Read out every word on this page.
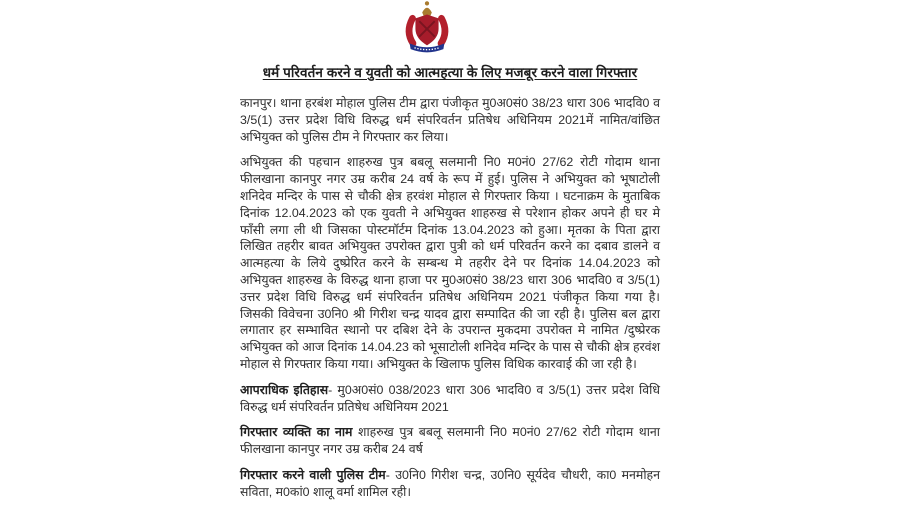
धर्म परिवर्तन करने व युवती को आत्महत्या के लिए मजबूर करने वाला गिरफ्तार

कानपुर। थाना हरबंश मोहाल पुलिस टीम द्वारा पंजीकृत मु0अ0सं0 38/23 धारा 306 भादवि0 व 3/5(1) उत्तर प्रदेश विधि विरुद्ध धर्म संपरिवर्तन प्रतिषेध अधिनियम 2021में नामित/वांछित अभियुक्त को पुलिस टीम ने गिरफ्तार कर लिया।

अभियुक्त की पहचान शाहरुख पुत्र बबलू सलमानी नि0 म0नं0 27/62 रोटी गोदाम थाना फीलखाना कानपुर नगर उम्र करीब 24 वर्ष के रूप में हुई। पुलिस ने अभियुक्त को भूषाटोली शनिदेव मन्दिर के पास से चौकी क्षेत्र हरवंश मोहाल से गिरफ्तार किया । घटनाक्रम के मुताबिक दिनांक 12.04.2023 को एक युवती ने अभियुक्त शाहरुख से परेशान होकर अपने ही घर मे फाँसी लगा ली थी जिसका पोस्टमॉर्टम दिनांक 13.04.2023 को हुआ। मृतका के पिता द्वारा लिखित तहरीर बावत अभियुक्त उपरोक्त द्वारा पुत्री को धर्म परिवर्तन करने का दबाव डालने व आत्महत्या के लिये दुष्प्रेरित करने के सम्बन्ध मे तहरीर देने पर दिनांक 14.04.2023 को अभियुक्त शाहरुख के विरुद्ध थाना हाजा पर मु0अ0सं0 38/23 धारा 306 भादवि0 व 3/5(1) उत्तर प्रदेश विधि विरुद्ध धर्म संपरिवर्तन प्रतिषेध अधिनियम 2021 पंजीकृत किया गया है। जिसकी विवेचना उ0नि0 श्री गिरीश चन्द्र यादव द्वारा सम्पादित की जा रही है। पुलिस बल द्वारा लगातार हर सम्भावित स्थानो पर दबिश देने के उपरान्त मुकदमा उपरोक्त मे नामित /दुष्प्रेरक अभियुक्त को आज दिनांक 14.04.23 को भूसाटोली शनिदेव मन्दिर के पास से चौकी क्षेत्र हरवंश मोहाल से गिरफ्तार किया गया। अभियुक्त के खिलाफ पुलिस विधिक कारवाई की जा रही है।

आपराधिक इतिहास- मु0अ0सं0 038/2023 धारा 306 भादवि0 व 3/5(1) उत्तर प्रदेश विधि विरुद्ध धर्म संपरिवर्तन प्रतिषेध अधिनियम 2021

गिरफ्तार व्यक्ति का नाम शाहरुख पुत्र बबलू सलमानी नि0 म0नं0 27/62 रोटी गोदाम थाना फीलखाना कानपुर नगर उम्र करीब 24 वर्ष

गिरफ्तार करने वाली पुलिस टीम- उ0नि0 गिरीश चन्द्र, उ0नि0 सूर्यदेव चौधरी, का0 मनमोहन सविता, म0कां0 शालू वर्मा शामिल रही।
